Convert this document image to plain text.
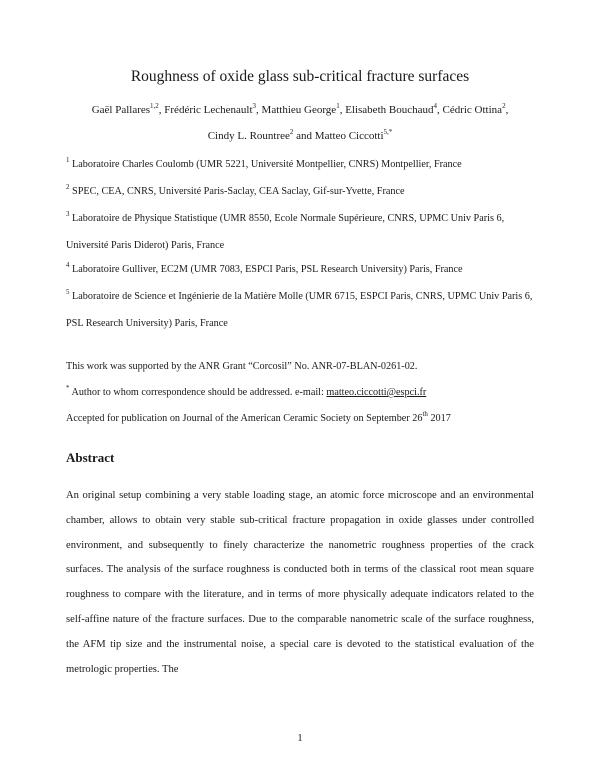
Roughness of oxide glass sub-critical fracture surfaces
Gaël Pallares$^{1,2}$, Frédéric Lechenault$^3$, Matthieu George$^1$, Elisabeth Bouchaud$^4$, Cédric Ottina$^2$,
Cindy L. Rountree$^2$ and Matteo Ciccotti$^{5,*}$
$^1$ Laboratoire Charles Coulomb (UMR 5221, Université Montpellier, CNRS) Montpellier, France
$^2$ SPEC, CEA, CNRS, Université Paris-Saclay, CEA Saclay, Gif-sur-Yvette, France
$^3$ Laboratoire de Physique Statistique (UMR 8550, Ecole Normale Supérieure, CNRS, UPMC Univ Paris 6, Université Paris Diderot) Paris, France
$^4$ Laboratoire Gulliver, EC2M (UMR 7083, ESPCI Paris, PSL Research University) Paris, France
$^5$ Laboratoire de Science et Ingénierie de la Matière Molle (UMR 6715, ESPCI Paris, CNRS, UPMC Univ Paris 6, PSL Research University) Paris, France
This work was supported by the ANR Grant “Corcosil” No. ANR-07-BLAN-0261-02.
* Author to whom correspondence should be addressed. e-mail: matteo.ciccotti@espci.fr
Accepted for publication on Journal of the American Ceramic Society on September 26th 2017
Abstract
An original setup combining a very stable loading stage, an atomic force microscope and an environmental chamber, allows to obtain very stable sub-critical fracture propagation in oxide glasses under controlled environment, and subsequently to finely characterize the nanometric roughness properties of the crack surfaces. The analysis of the surface roughness is conducted both in terms of the classical root mean square roughness to compare with the literature, and in terms of more physically adequate indicators related to the self-affine nature of the fracture surfaces. Due to the comparable nanometric scale of the surface roughness, the AFM tip size and the instrumental noise, a special care is devoted to the statistical evaluation of the metrologic properties. The
1
